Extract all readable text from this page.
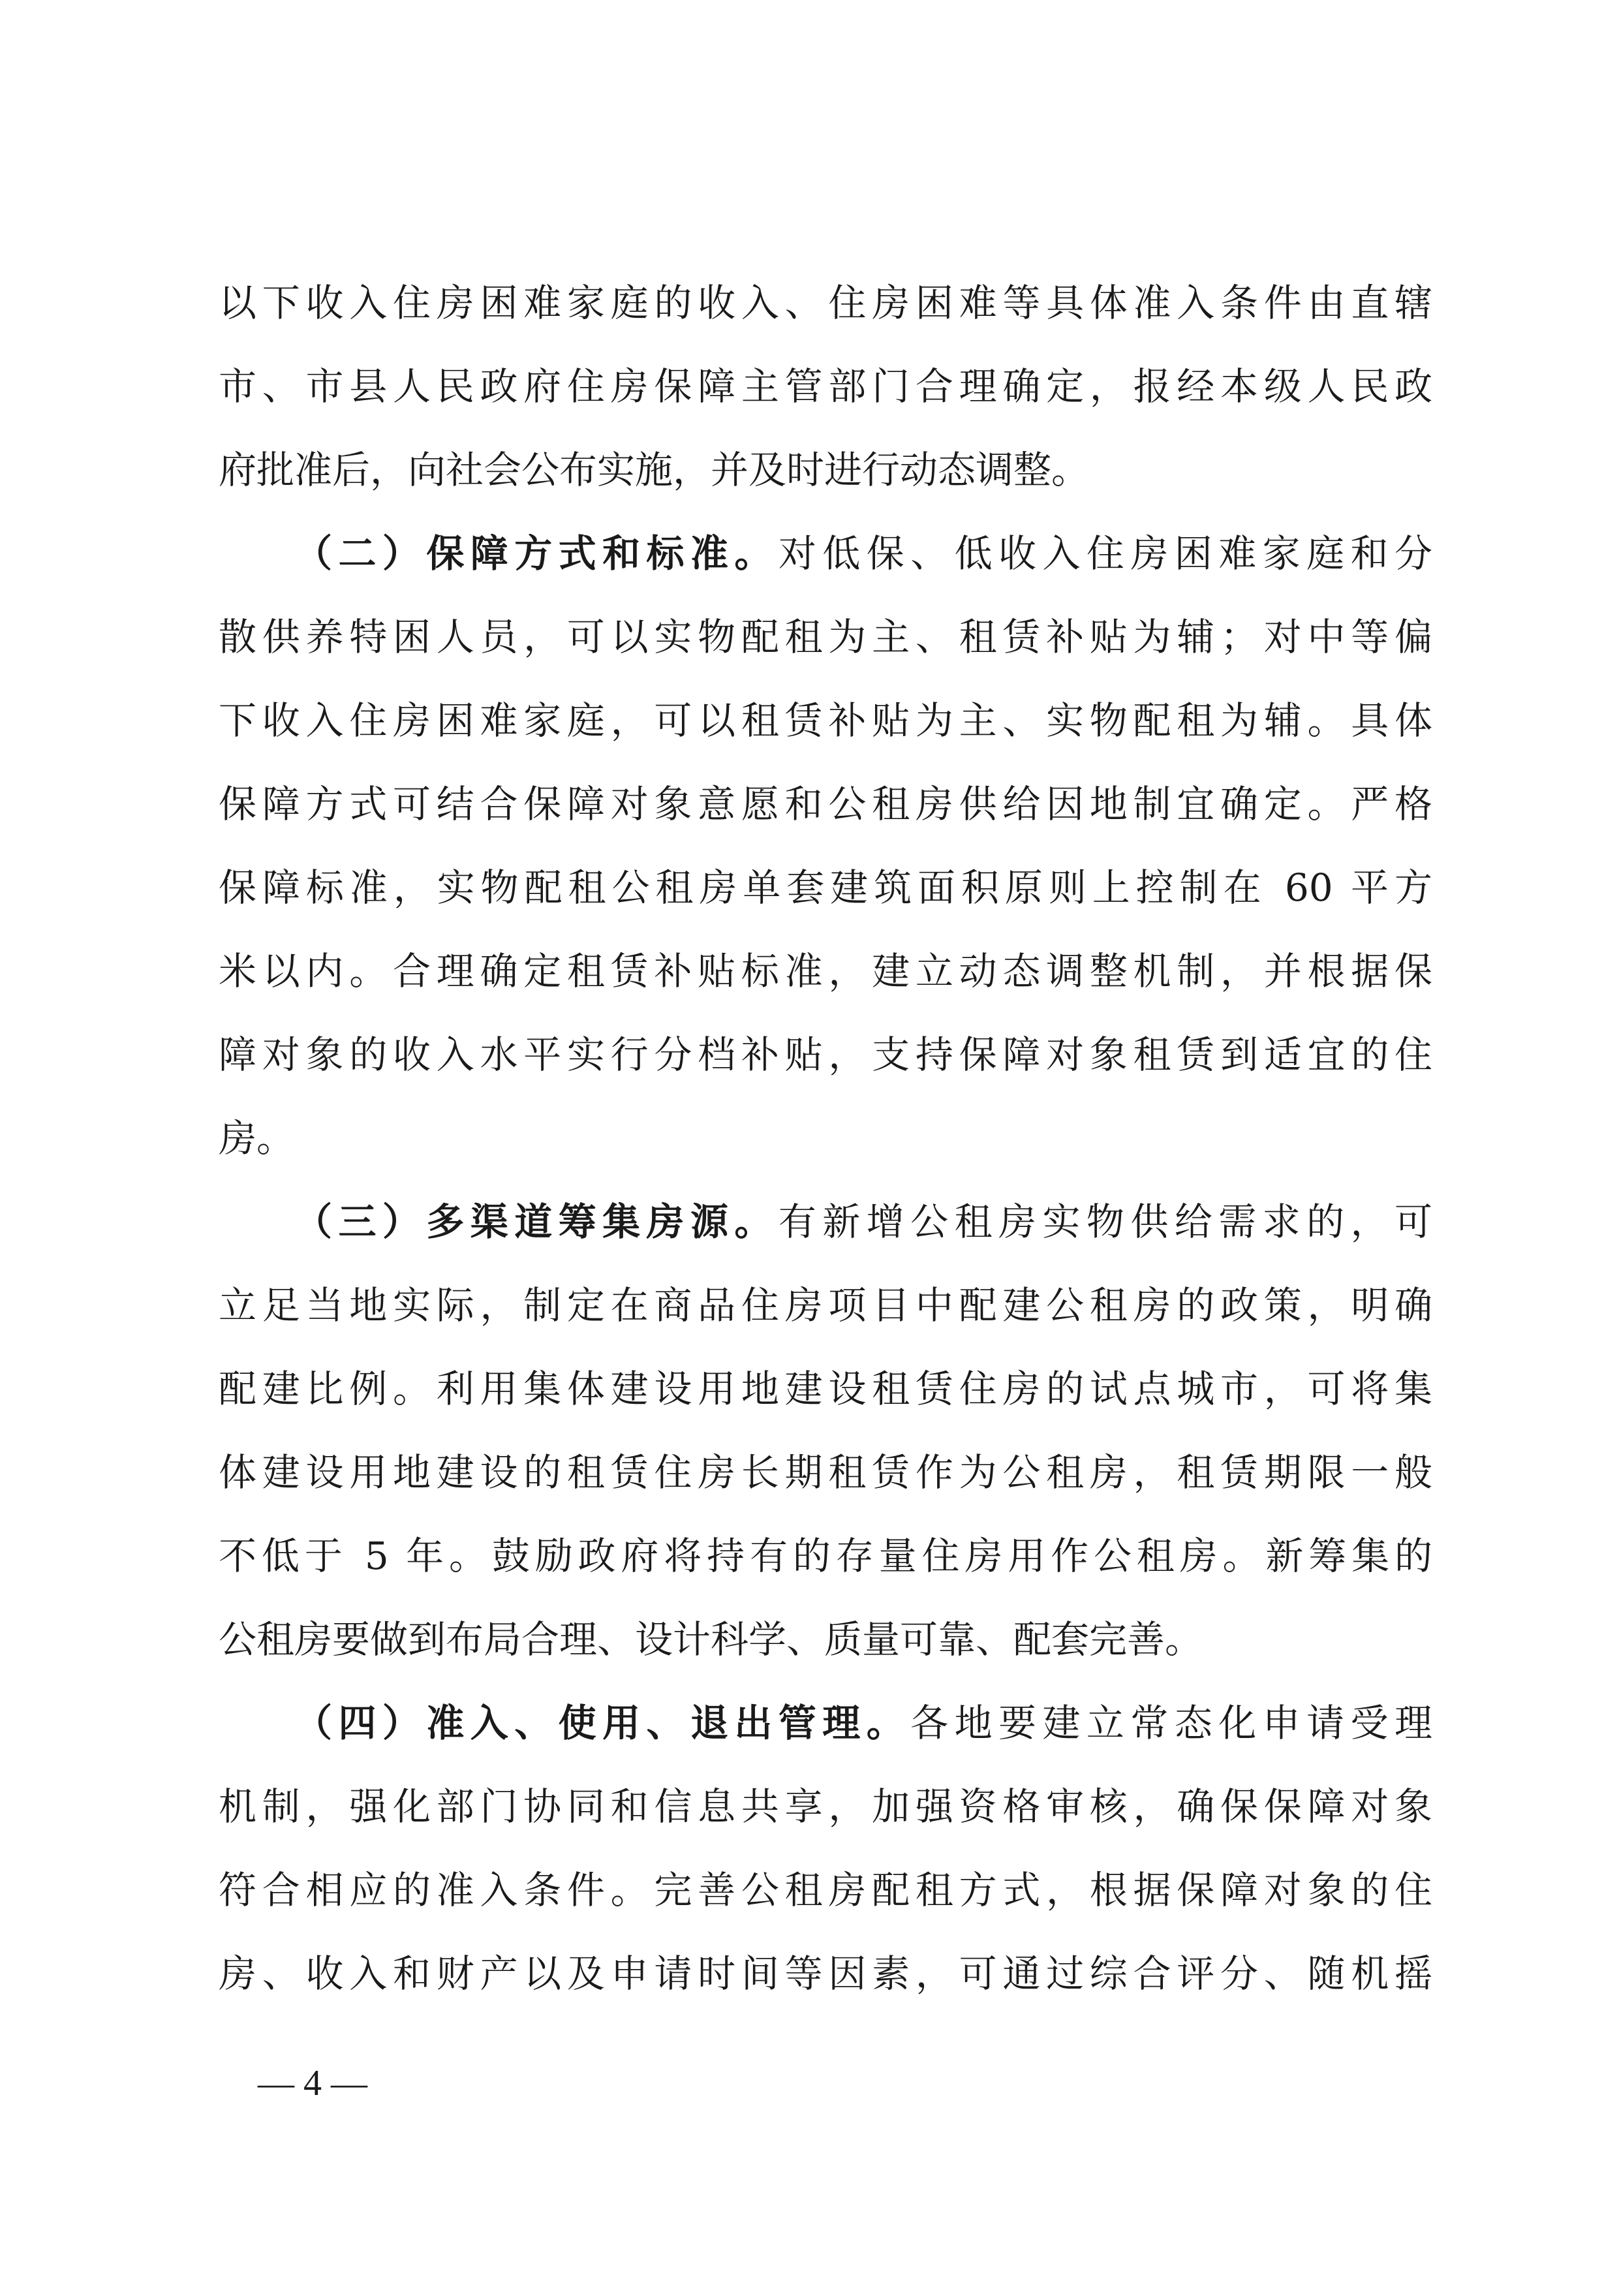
以下收入住房困难家庭的收入、住房困难等具体准入条件由直辖
市、市县人民政府住房保障主管部门合理确定，报经本级人民政
府批准后，向社会公布实施，并及时进行动态调整。
（二）保障方式和标准。对低保、低收入住房困难家庭和分
散供养特困人员，可以实物配租为主、租赁补贴为辅；对中等偏
下收入住房困难家庭，可以租赁补贴为主、实物配租为辅。具体
保障方式可结合保障对象意愿和公租房供给因地制宜确定。严格
保障标准，实物配租公租房单套建筑面积原则上控制在 60 平方
米以内。合理确定租赁补贴标准，建立动态调整机制，并根据保
障对象的收入水平实行分档补贴，支持保障对象租赁到适宜的住
房。
（三）多渠道筹集房源。有新增公租房实物供给需求的，可
立足当地实际，制定在商品住房项目中配建公租房的政策，明确
配建比例。利用集体建设用地建设租赁住房的试点城市，可将集
体建设用地建设的租赁住房长期租赁作为公租房，租赁期限一般
不低于 5 年。鼓励政府将持有的存量住房用作公租房。新筹集的
公租房要做到布局合理、设计科学、质量可靠、配套完善。
（四）准入、使用、退出管理。各地要建立常态化申请受理
机制，强化部门协同和信息共享，加强资格审核，确保保障对象
符合相应的准入条件。完善公租房配租方式，根据保障对象的住
房、收入和财产以及申请时间等因素，可通过综合评分、随机摇
— 4 —
